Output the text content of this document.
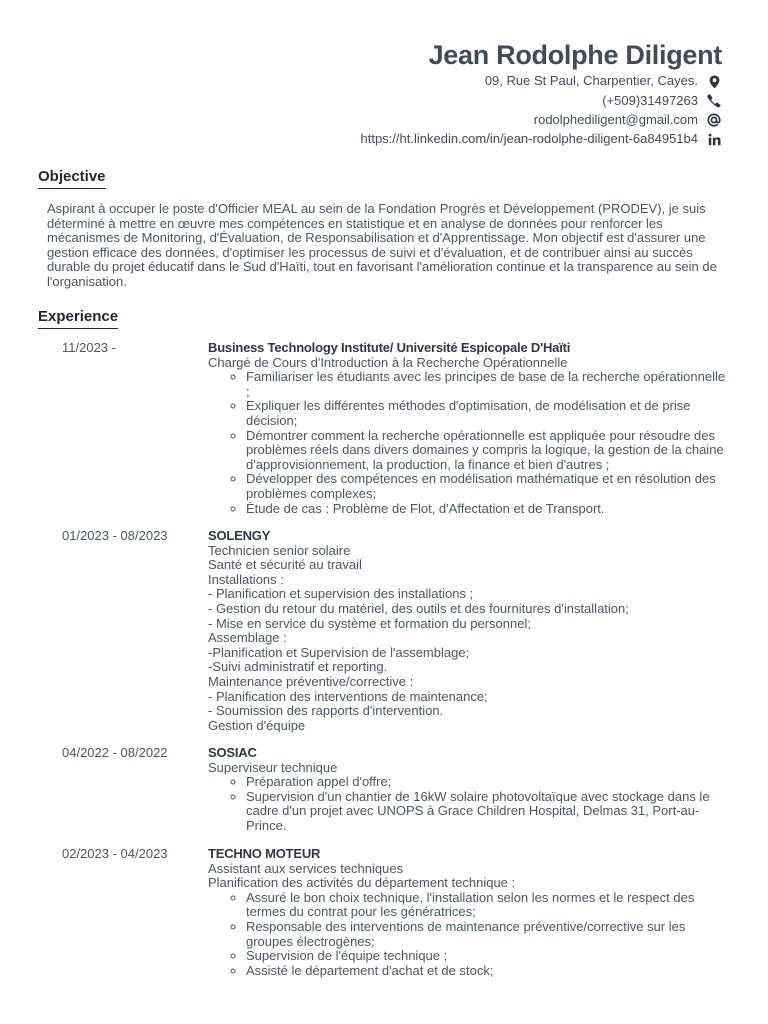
Jean Rodolphe Diligent
09, Rue St Paul, Charpentier, Cayes.
(+509)31497263
rodolphediligent@gmail.com
https://ht.linkedin.com/in/jean-rodolphe-diligent-6a84951b4
Objective

Aspirant à occuper le poste d'Officier MEAL au sein de la Fondation Progrès et Développement (PRODEV), je suis déterminé à mettre en œuvre mes compétences en statistique et en analyse de données pour renforcer les mécanismes de Monitoring, d'Évaluation, de Responsabilisation et d'Apprentissage. Mon objectif est d'assurer une gestion efficace des données, d'optimiser les processus de suivi et d'évaluation, et de contribuer ainsi au succès durable du projet éducatif dans le Sud d'Haïti, tout en favorisant l'amélioration continue et la transparence au sein de l'organisation.

Experience
11/2023 -	Business Technology Institute/ Université Espicopale D'Haïti
Chargé de Cours d'Introduction à la Recherche Opérationnelle
◦ Familiariser les étudiants avec les principes de base de la recherche opérationnelle ;
◦ Expliquer les différentes méthodes d'optimisation, de modélisation et de prise décision;
◦ Démontrer comment la recherche opérationnelle est appliquée pour résoudre des problèmes réels dans divers domaines y compris la logique, la gestion de la chaine d'approvisionnement, la production, la finance et bien d'autres ;
◦ Développer des compétences en modélisation mathématique et en résolution des problèmes complexes;
◦ Étude de cas : Problème de Flot, d'Affectation et de Transport.
01/2023 - 08/2023	SOLENGY
Technicien senior solaire
Santé et sécurité au travail
Installations :
- Planification et supervision des installations ;
- Gestion du retour du matériel, des outils et des fournitures d'installation;
- Mise en service du système et formation du personnel;
Assemblage :
-Planification et Supervision de l'assemblage;
-Suivi administratif et reporting.
Maintenance préventive/corrective :
- Planification des interventions de maintenance;
- Soumission des rapports d'intervention.
Gestion d'équipe
04/2022 - 08/2022	SOSIAC
Superviseur technique
◦ Préparation appel d'offre;
◦ Supervision d'un chantier de 16kW solaire photovoltaïque avec stockage dans le cadre d'un projet avec UNOPS à Grace Children Hospital, Delmas 31, Port-au-Prince.
02/2023 - 04/2023	TECHNO MOTEUR
Assistant aux services techniques
Planification des activités du département technique :
◦ Assuré le bon choix technique, l'installation selon les normes et le respect des termes du contrat pour les génératrices;
◦ Responsable des interventions de maintenance préventive/corrective sur les groupes électrogènes;
◦ Supervision de l'équipe technique ;
◦ Assisté le département d'achat et de stock;
